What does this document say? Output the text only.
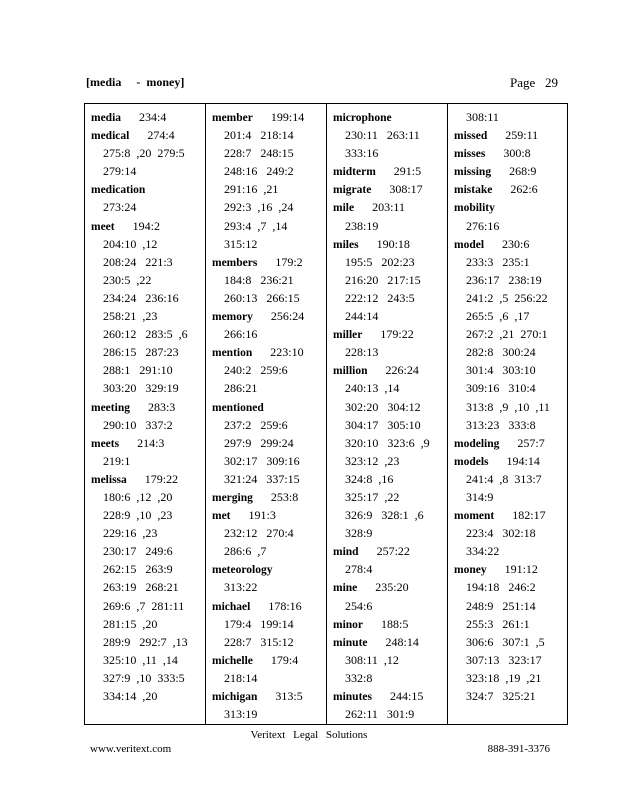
[media     -  money]	Page 29
media 234:4
medical 274:4
275:8  ,20  279:5
279:14
medication
273:24
meet 194:2
204:10  ,12
208:24   221:3
230:5  ,22
234:24   236:16
258:21  ,23
260:12   283:5  ,6
286:15   287:23
288:1   291:10
303:20   329:19
meeting 283:3
290:10   337:2
meets 214:3
219:1
melissa 179:22
180:6  ,12  ,20
228:9  ,10  ,23
229:16  ,23
230:17   249:6
262:15   263:9
263:19   268:21
269:6  ,7  281:11
281:15  ,20
289:9   292:7  ,13
325:10  ,11  ,14
327:9  ,10  333:5
334:14  ,20
member 199:14
201:4   218:14
228:7   248:15
248:16   249:2
291:16  ,21
292:3  ,16  ,24
293:4  ,7  ,14
315:12
members 179:2
184:8   236:21
260:13   266:15
memory 256:24
266:16
mention 223:10
240:2   259:6
286:21
mentioned
237:2   259:6
297:9   299:24
302:17   309:16
321:24   337:15
merging 253:8
met 191:3
232:12   270:4
286:6  ,7
meteorology
313:22
michael 178:16
179:4   199:14
228:7   315:12
michelle 179:4
218:14
michigan 313:5
313:19
microphone
230:11   263:11
333:16
midterm 291:5
migrate 308:17
mile 203:11
238:19
miles 190:18
195:5   202:23
216:20   217:15
222:12   243:5
244:14
miller 179:22
228:13
million 226:24
240:13  ,14
302:20   304:12
304:17   305:10
320:10   323:6  ,9
323:12  ,23
324:8  ,16
325:17  ,22
326:9   328:1  ,6
328:9
mind 257:22
278:4
mine 235:20
254:6
minor 188:5
minute 248:14
308:11  ,12
332:8
minutes 244:15
262:11   301:9
308:11
missed 259:11
misses 300:8
missing 268:9
mistake 262:6
mobility
276:16
model 230:6
233:3   235:1
236:17   238:19
241:2  ,5  256:22
265:5  ,6  ,17
267:2  ,21  270:1
282:8   300:24
301:4   303:10
309:16   310:4
313:8  ,9  ,10  ,11
313:23   333:8
modeling 257:7
models 194:14
241:4  ,8  313:7
314:9
moment 182:17
223:4   302:18
334:22
money 191:12
194:18   246:2
248:9   251:14
255:3   261:1
306:6   307:1  ,5
307:13   323:17
323:18  ,19  ,21
324:7   325:21
Veritext Legal Solutions
www.veritext.com	888-391-3376
